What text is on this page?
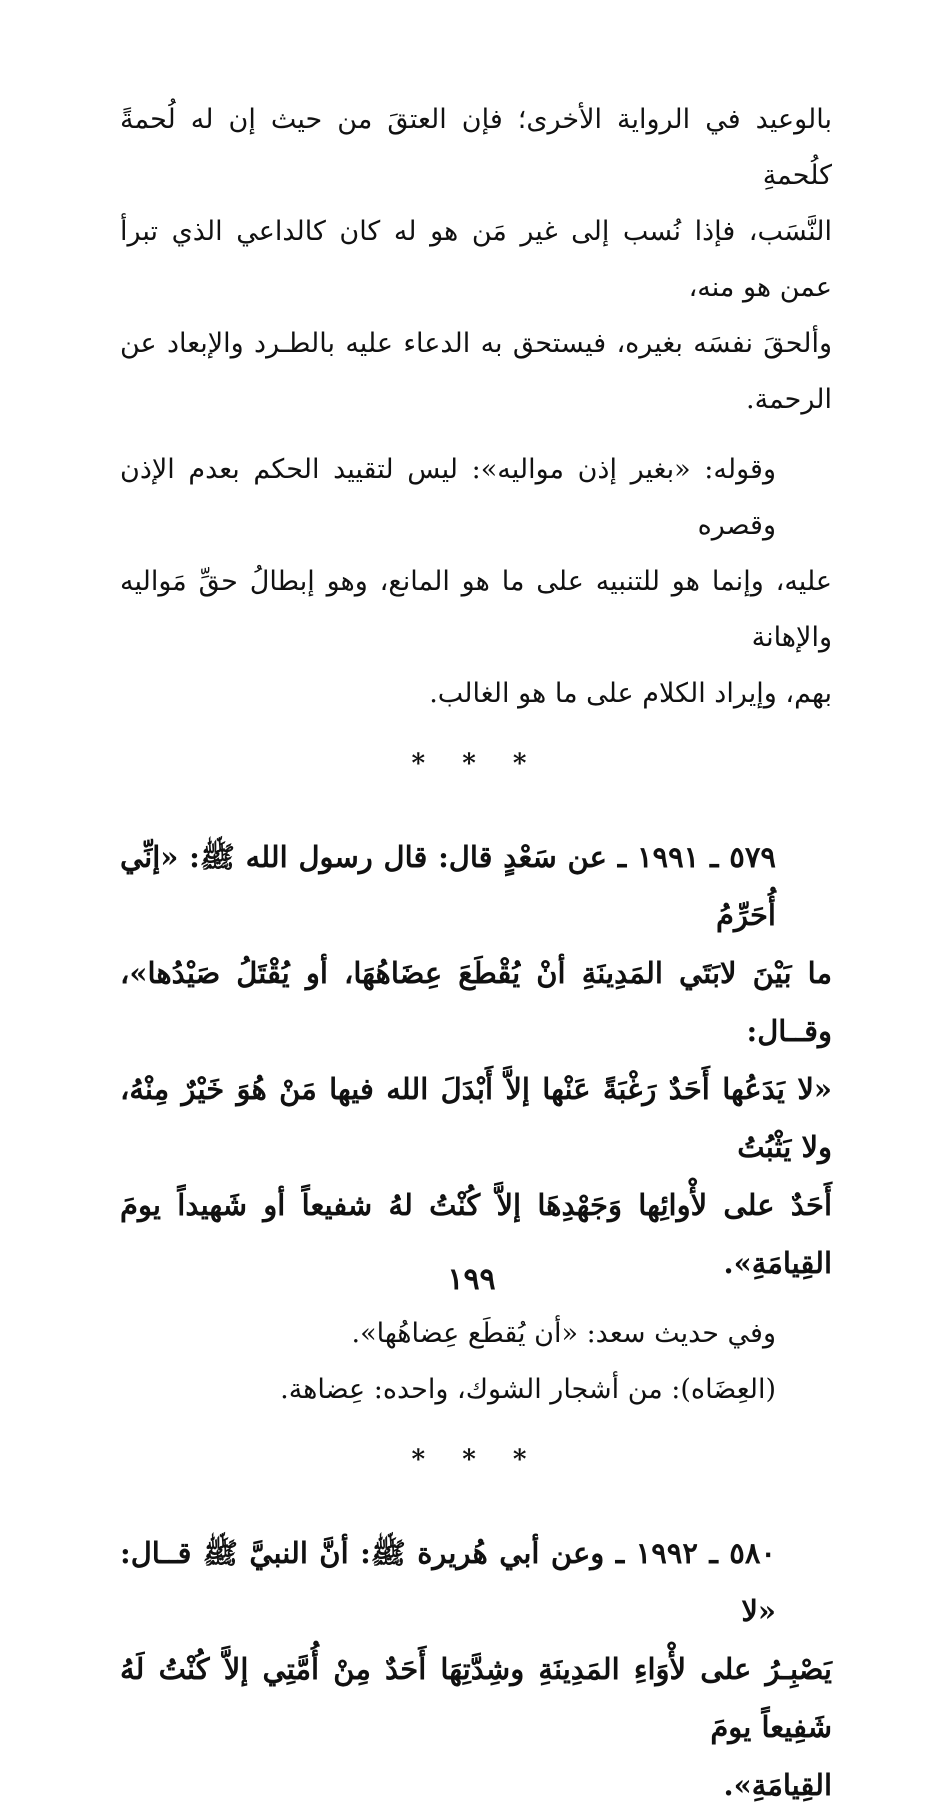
بالوعيد في الرواية الأخرى؛ فإن العتقَ من حيث إن له لُحمةً كلُحمةِ
النَّسَب، فإذا نُسب إلى غير مَن هو له كان كالداعي الذي تبرأ عمن هو منه،
وألحقَ نفسَه بغيره، فيستحق به الدعاء عليه بالطـرد والإبعاد عن الرحمة.
وقوله: «بغير إذن مواليه»: ليس لتقييد الحكم بعدم الإذن وقصره
عليه، وإنما هو للتنبيه على ما هو المانع، وهو إبطالُ حقِّ مَواليه والإهانة
بهم، وإيراد الكلام على ما هو الغالب.
* * *
٥٧٩ ـ ١٩٩١ ـ عن سَعْدٍ قال: قال رسول الله ﷺ: «إنِّي أُحَرِّمُ
ما بَيْنَ لابَتَي المَدِينَةِ أنْ يُقْطَعَ عِضَاهُهَا، أو يُقْتَلُ صَيْدُها»، وقــال:
«لا يَدَعُها أَحَدٌ رَغْبَةً عَنْها إلاَّ أَبْدَلَ الله فيها مَنْ هُوَ خَيْرٌ مِنْهُ، ولا يَثْبُتُ
أَحَدٌ على لأْوائِها وَجَهْدِهَا إلاَّ كُنْتُ لهُ شفيعاً أو شَهيداً يومَ القِيامَةِ».
وفي حديث سعد: «أن يُقطَع عِضاهُها».
(العِضَاه): من أشجار الشوك، واحده: عِضاهة.
* * *
٥٨٠ ـ ١٩٩٢ ـ وعن أبي هُريرة ﷺ: أنَّ النبيَّ ﷺ قــال: «لا
يَصْبِـرُ على لأْوَاءِ المَدِينَةِ وشِدَّتِهَا أَحَدٌ مِنْ أُمَّتِي إلاَّ كُنْتُ لَهُ شَفِيعاً يومَ
القِيامَةِ».
١٩٩
